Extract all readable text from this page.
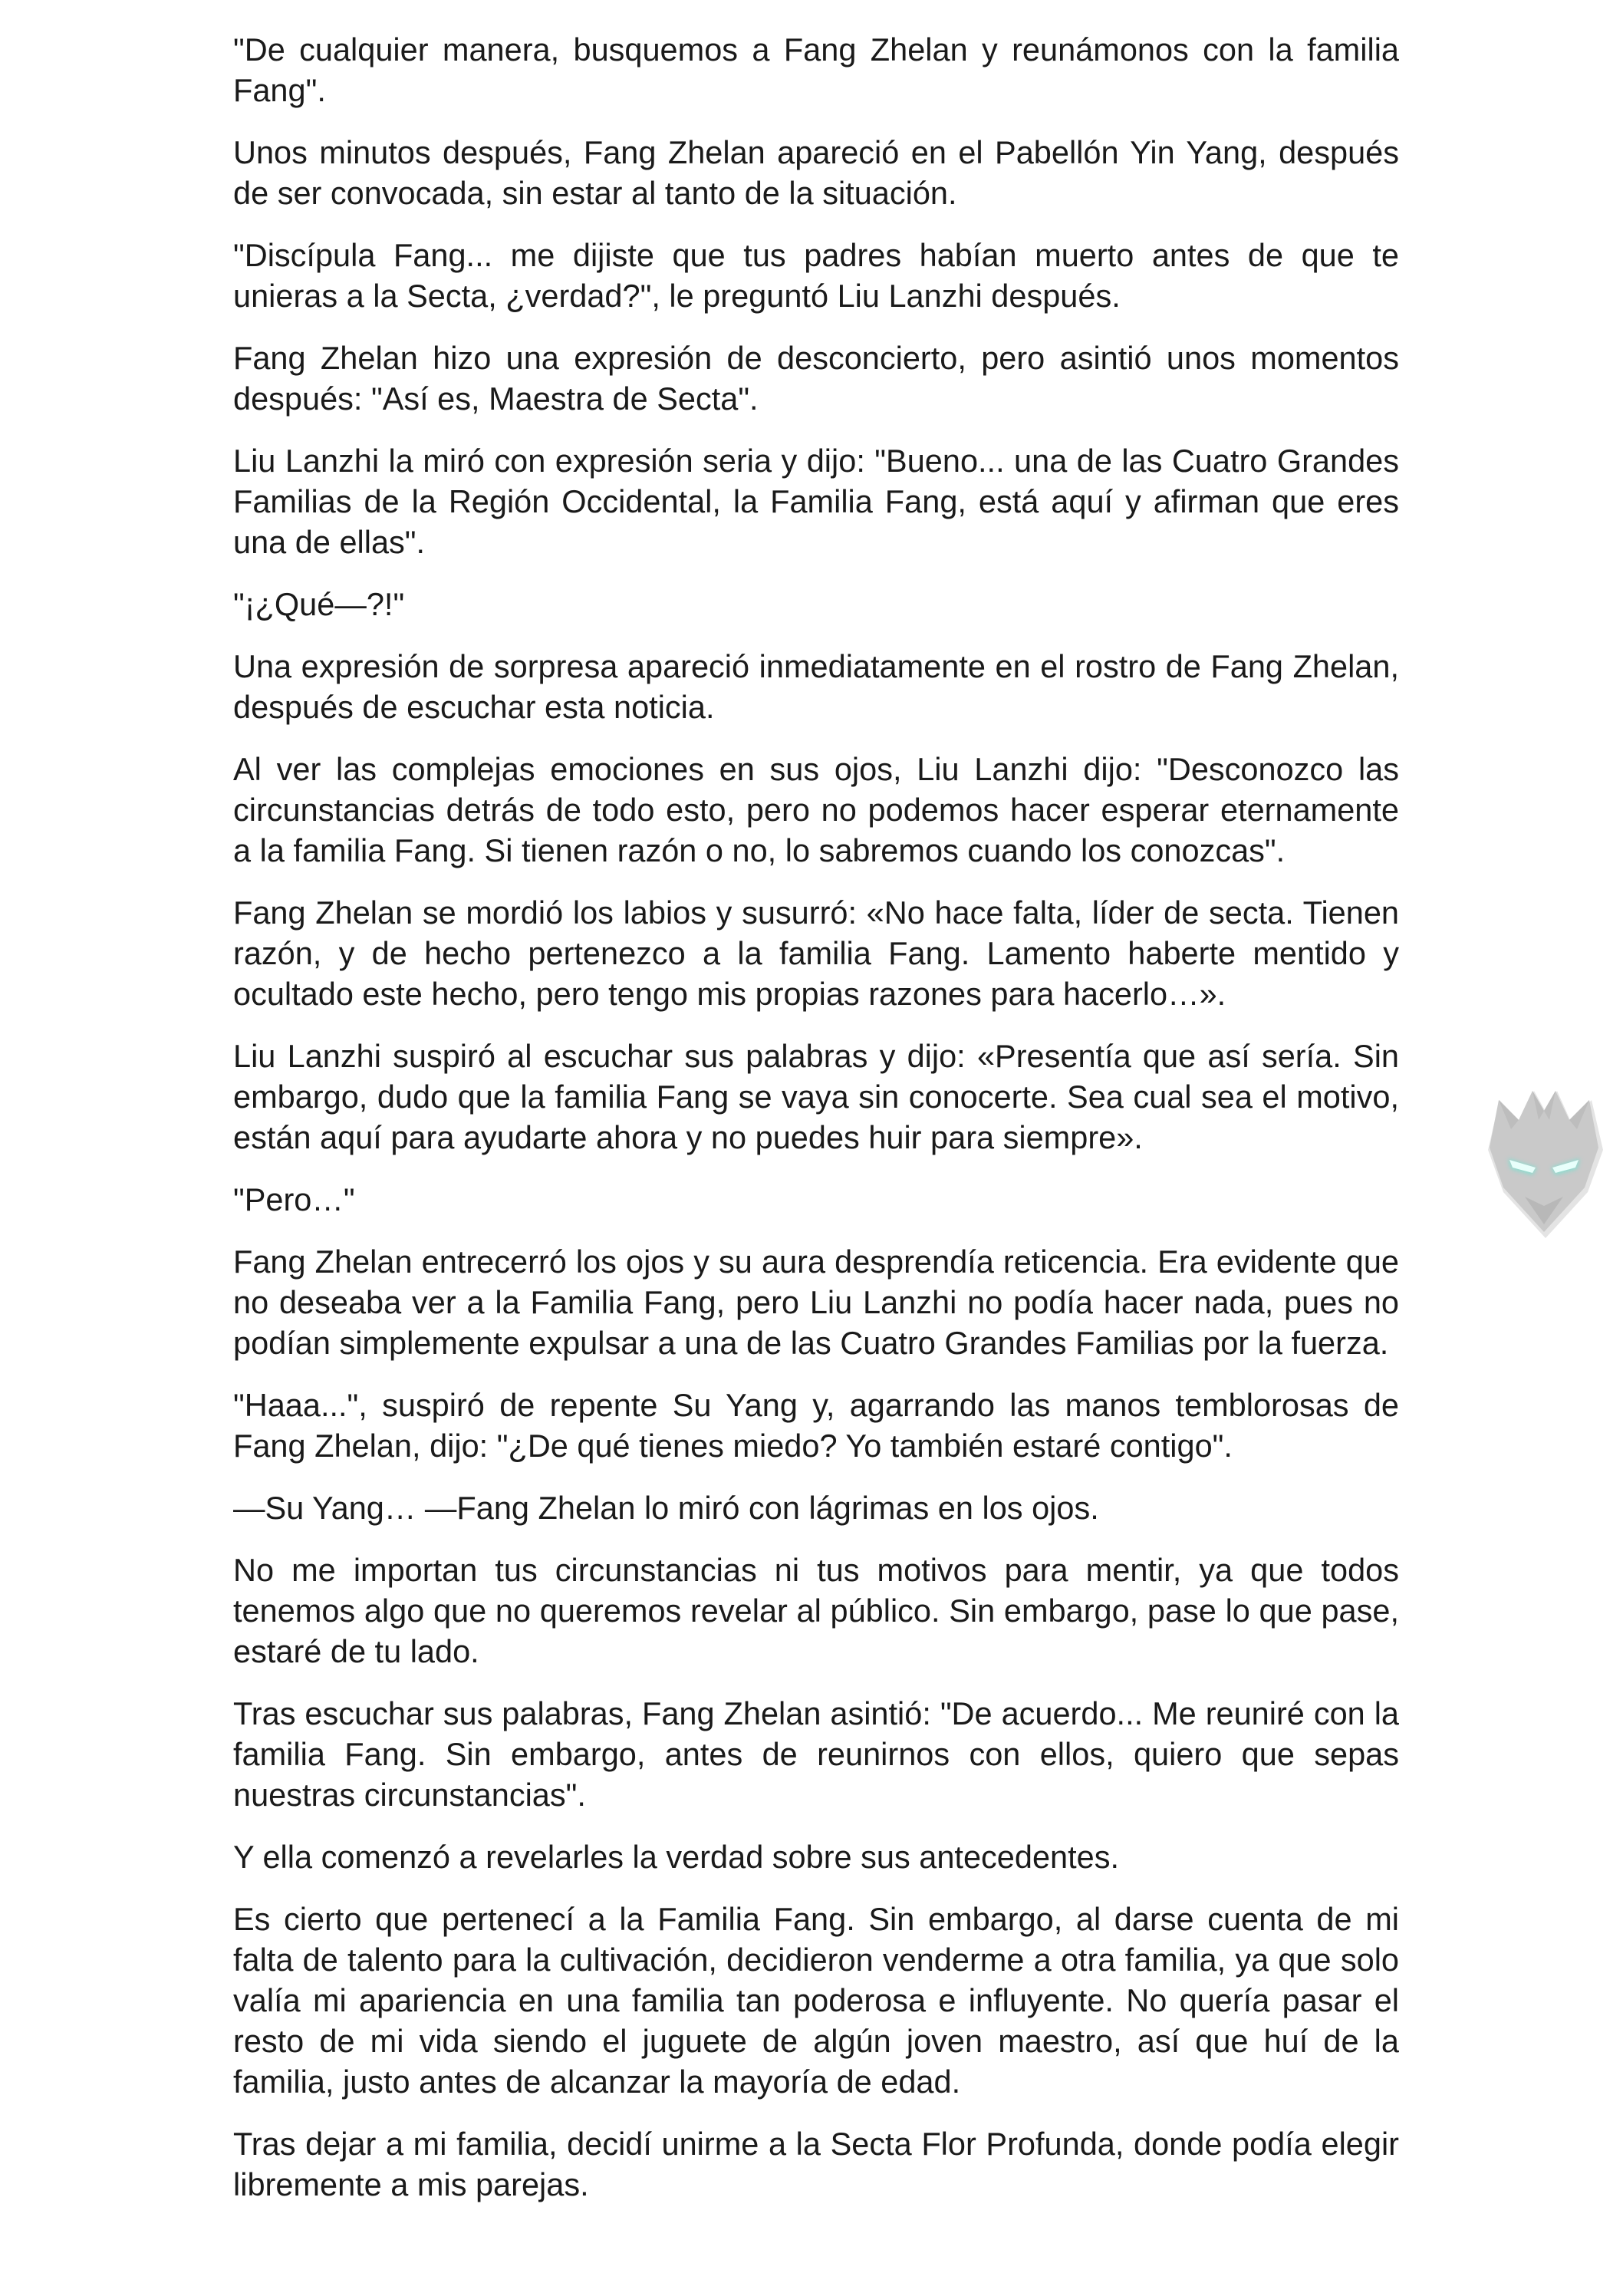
"De cualquier manera, busquemos a Fang Zhelan y reunámonos con la familia Fang".

Unos minutos después, Fang Zhelan apareció en el Pabellón Yin Yang, después de ser convocada, sin estar al tanto de la situación.

"Discípula Fang... me dijiste que tus padres habían muerto antes de que te unieras a la Secta, ¿verdad?", le preguntó Liu Lanzhi después.

Fang Zhelan hizo una expresión de desconcierto, pero asintió unos momentos después: "Así es, Maestra de Secta".

Liu Lanzhi la miró con expresión seria y dijo: "Bueno... una de las Cuatro Grandes Familias de la Región Occidental, la Familia Fang, está aquí y afirman que eres una de ellas".

"¡¿Qué—?!"

Una expresión de sorpresa apareció inmediatamente en el rostro de Fang Zhelan, después de escuchar esta noticia.

Al ver las complejas emociones en sus ojos, Liu Lanzhi dijo: "Desconozco las circunstancias detrás de todo esto, pero no podemos hacer esperar eternamente a la familia Fang. Si tienen razón o no, lo sabremos cuando los conozcas".

Fang Zhelan se mordió los labios y susurró: «No hace falta, líder de secta. Tienen razón, y de hecho pertenezco a la familia Fang. Lamento haberte mentido y ocultado este hecho, pero tengo mis propias razones para hacerlo…».

Liu Lanzhi suspiró al escuchar sus palabras y dijo: «Presentía que así sería. Sin embargo, dudo que la familia Fang se vaya sin conocerte. Sea cual sea el motivo, están aquí para ayudarte ahora y no puedes huir para siempre».

"Pero…"

Fang Zhelan entrecerró los ojos y su aura desprendía reticencia. Era evidente que no deseaba ver a la Familia Fang, pero Liu Lanzhi no podía hacer nada, pues no podían simplemente expulsar a una de las Cuatro Grandes Familias por la fuerza.

"Haaa...", suspiró de repente Su Yang y, agarrando las manos temblorosas de Fang Zhelan, dijo: "¿De qué tienes miedo? Yo también estaré contigo".

—Su Yang… —Fang Zhelan lo miró con lágrimas en los ojos.

No me importan tus circunstancias ni tus motivos para mentir, ya que todos tenemos algo que no queremos revelar al público. Sin embargo, pase lo que pase, estaré de tu lado.

Tras escuchar sus palabras, Fang Zhelan asintió: "De acuerdo... Me reuniré con la familia Fang. Sin embargo, antes de reunirnos con ellos, quiero que sepas nuestras circunstancias".

Y ella comenzó a revelarles la verdad sobre sus antecedentes.

Es cierto que pertenecí a la Familia Fang. Sin embargo, al darse cuenta de mi falta de talento para la cultivación, decidieron venderme a otra familia, ya que solo valía mi apariencia en una familia tan poderosa e influyente. No quería pasar el resto de mi vida siendo el juguete de algún joven maestro, así que huí de la familia, justo antes de alcanzar la mayoría de edad.

Tras dejar a mi familia, decidí unirme a la Secta Flor Profunda, donde podía elegir libremente a mis parejas.
